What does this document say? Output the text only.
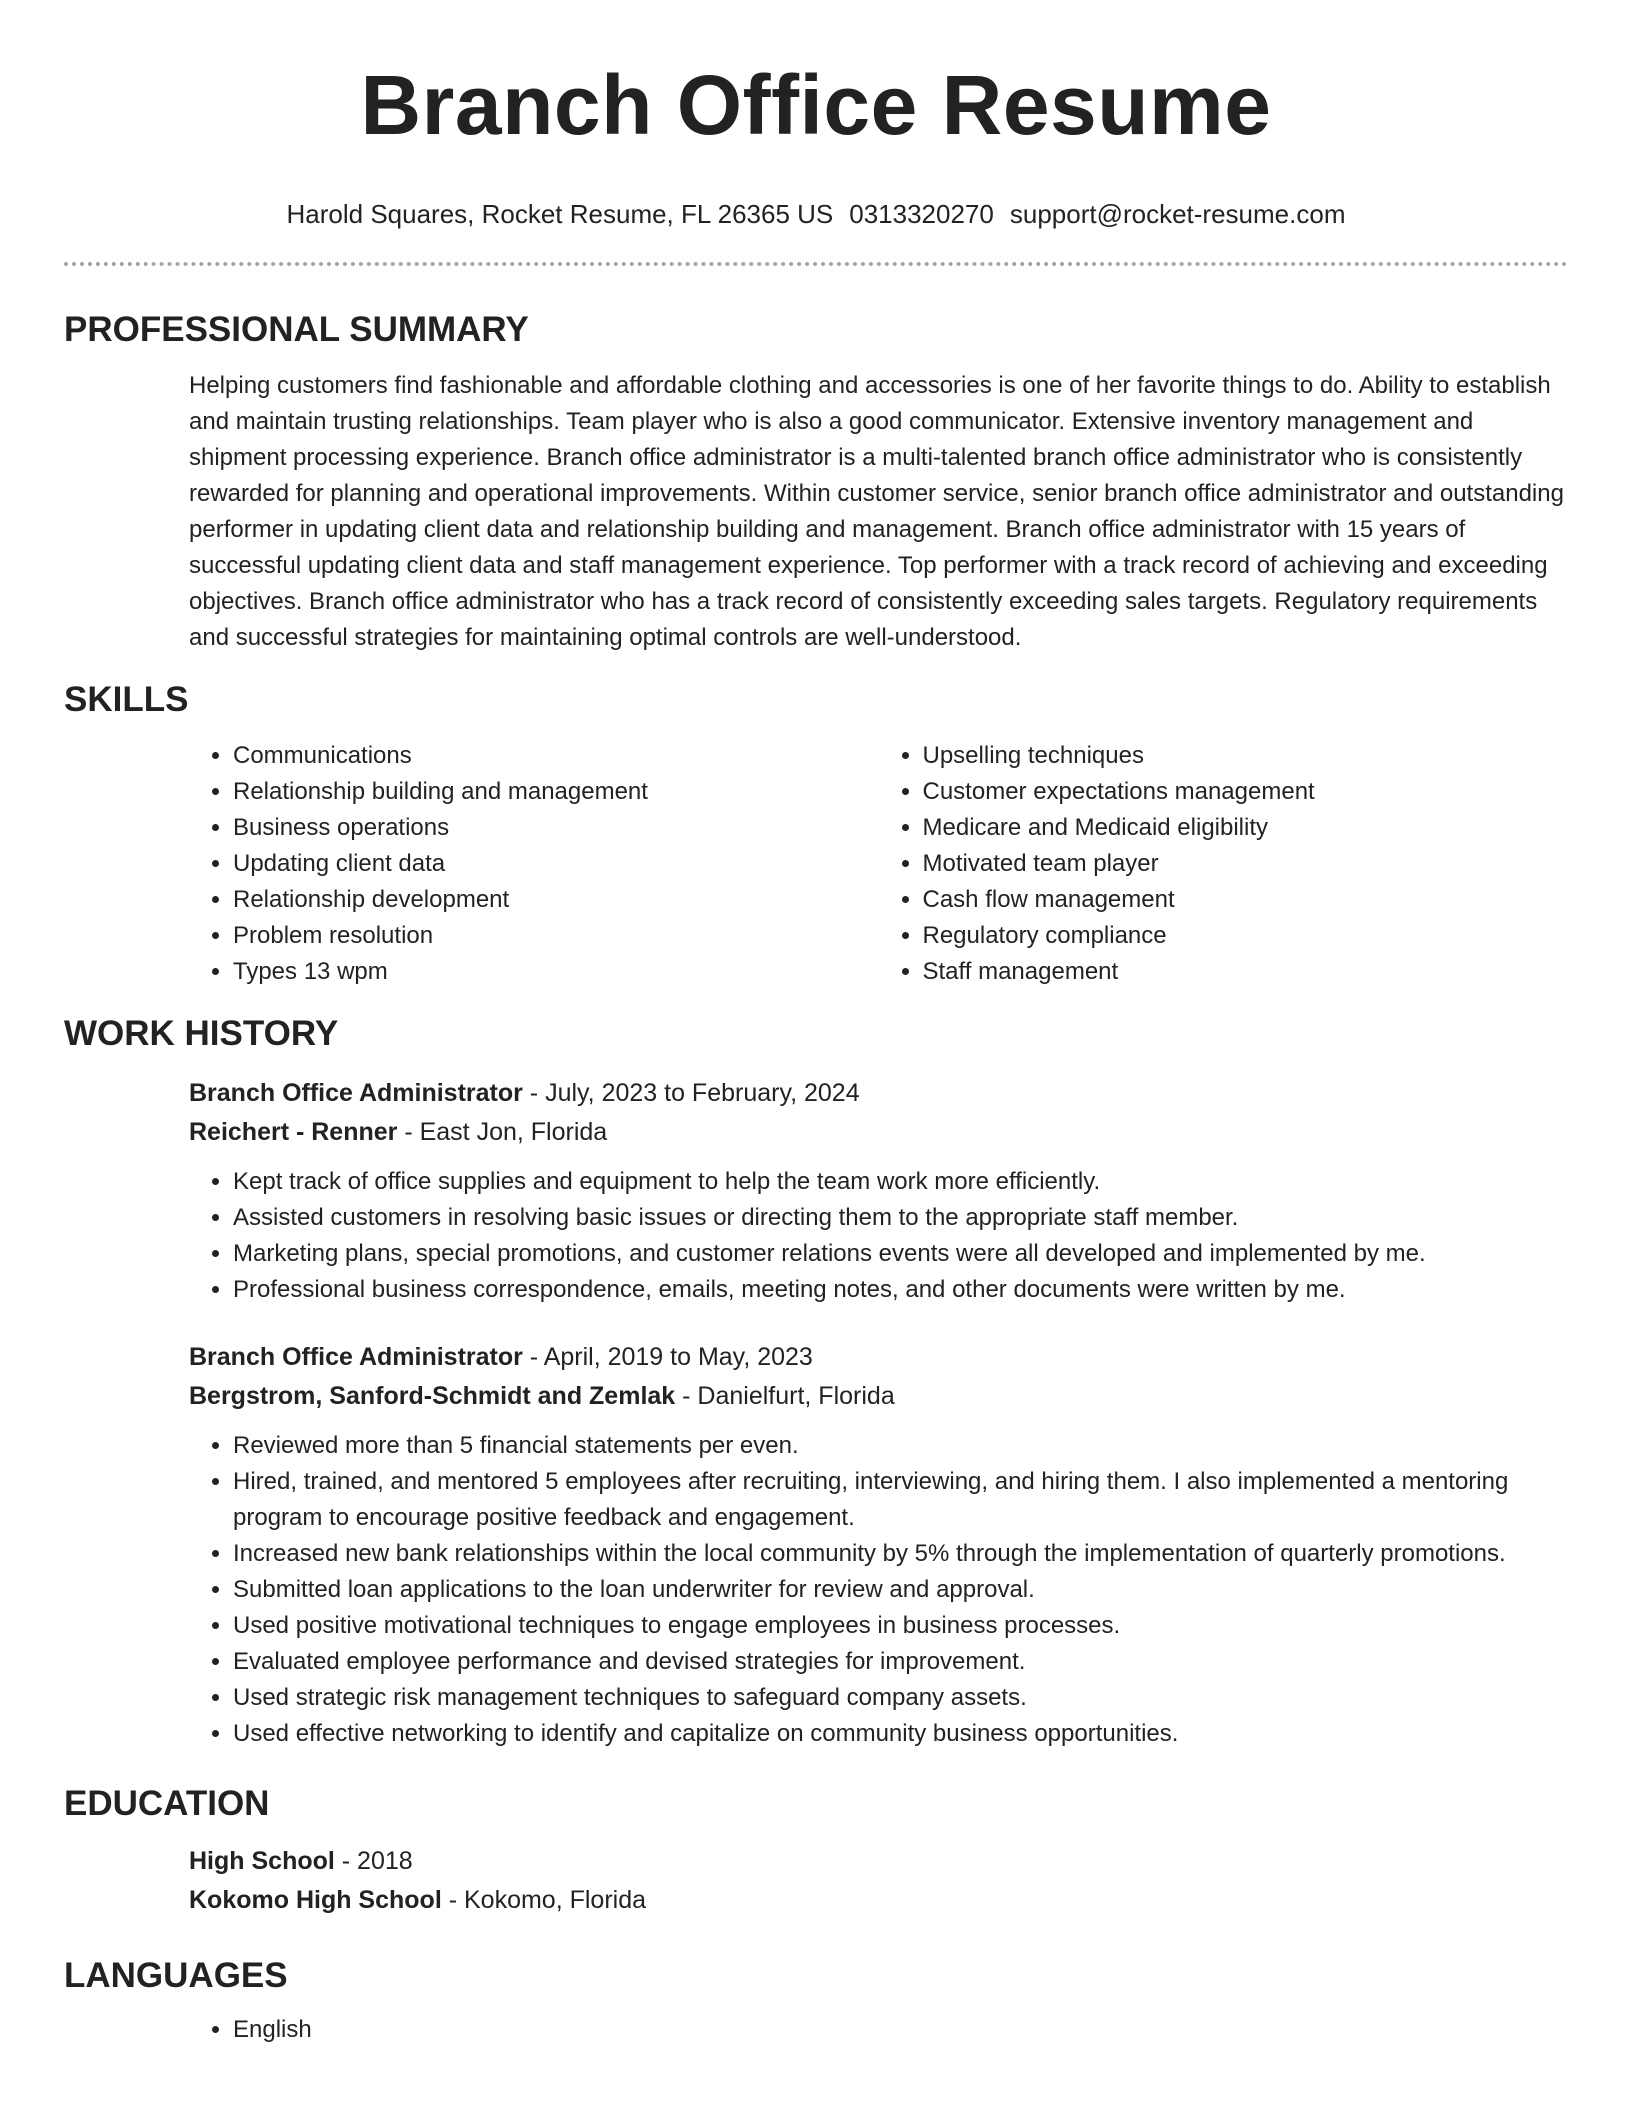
Branch Office Resume
Harold Squares, Rocket Resume, FL 26365 US 0313320270 support@rocket-resume.com
PROFESSIONAL SUMMARY

Helping customers find fashionable and affordable clothing and accessories is one of her favorite things to do. Ability to establish and maintain trusting relationships. Team player who is also a good communicator. Extensive inventory management and shipment processing experience. Branch office administrator is a multi-talented branch office administrator who is consistently rewarded for planning and operational improvements. Within customer service, senior branch office administrator and outstanding performer in updating client data and relationship building and management. Branch office administrator with 15 years of successful updating client data and staff management experience. Top performer with a track record of achieving and exceeding objectives. Branch office administrator who has a track record of consistently exceeding sales targets. Regulatory requirements and successful strategies for maintaining optimal controls are well-understood.

SKILLS
• Communications
• Relationship building and management
• Business operations
• Updating client data
• Relationship development
• Problem resolution
• Types 13 wpm
• Upselling techniques
• Customer expectations management
• Medicare and Medicaid eligibility
• Motivated team player
• Cash flow management
• Regulatory compliance
• Staff management
WORK HISTORY
Branch Office Administrator - July, 2023 to February, 2024
Reichert - Renner - East Jon, Florida
• Kept track of office supplies and equipment to help the team work more efficiently.
• Assisted customers in resolving basic issues or directing them to the appropriate staff member.
• Marketing plans, special promotions, and customer relations events were all developed and implemented by me.
• Professional business correspondence, emails, meeting notes, and other documents were written by me.
Branch Office Administrator - April, 2019 to May, 2023
Bergstrom, Sanford-Schmidt and Zemlak - Danielfurt, Florida
• Reviewed more than 5 financial statements per even.
• Hired, trained, and mentored 5 employees after recruiting, interviewing, and hiring them. I also implemented a mentoring program to encourage positive feedback and engagement.
• Increased new bank relationships within the local community by 5% through the implementation of quarterly promotions.
• Submitted loan applications to the loan underwriter for review and approval.
• Used positive motivational techniques to engage employees in business processes.
• Evaluated employee performance and devised strategies for improvement.
• Used strategic risk management techniques to safeguard company assets.
• Used effective networking to identify and capitalize on community business opportunities.
EDUCATION
High School - 2018
Kokomo High School - Kokomo, Florida
LANGUAGES
• English
